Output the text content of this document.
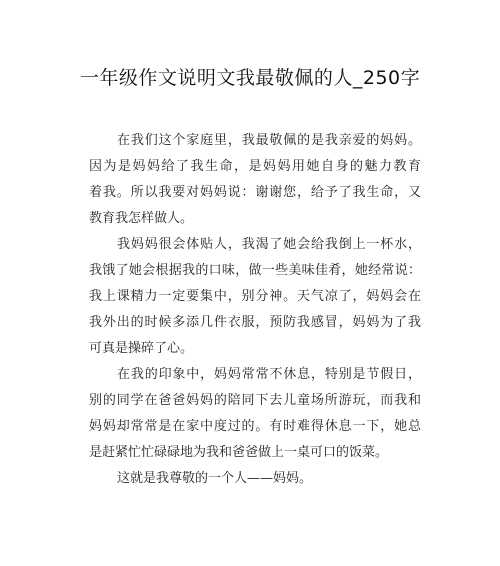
一年级作文说明文我最敬佩的人_250字
在我们这个家庭里，我最敬佩的是我亲爱的妈妈。
因为是妈妈给了我生命，是妈妈用她自身的魅力教育
着我。所以我要对妈妈说：谢谢您，给予了我生命，又
教育我怎样做人。
我妈妈很会体贴人，我渴了她会给我倒上一杯水，
我饿了她会根据我的口味，做一些美味佳肴，她经常说：
我上课精力一定要集中，别分神。天气凉了，妈妈会在
我外出的时候多添几件衣服，预防我感冒，妈妈为了我
可真是操碎了心。
在我的印象中，妈妈常常不休息，特别是节假日，
别的同学在爸爸妈妈的陪同下去儿童场所游玩，而我和
妈妈却常常是在家中度过的。有时难得休息一下，她总
是赶紧忙忙碌碌地为我和爸爸做上一桌可口的饭菜。
这就是我尊敬的一个人——妈妈。
